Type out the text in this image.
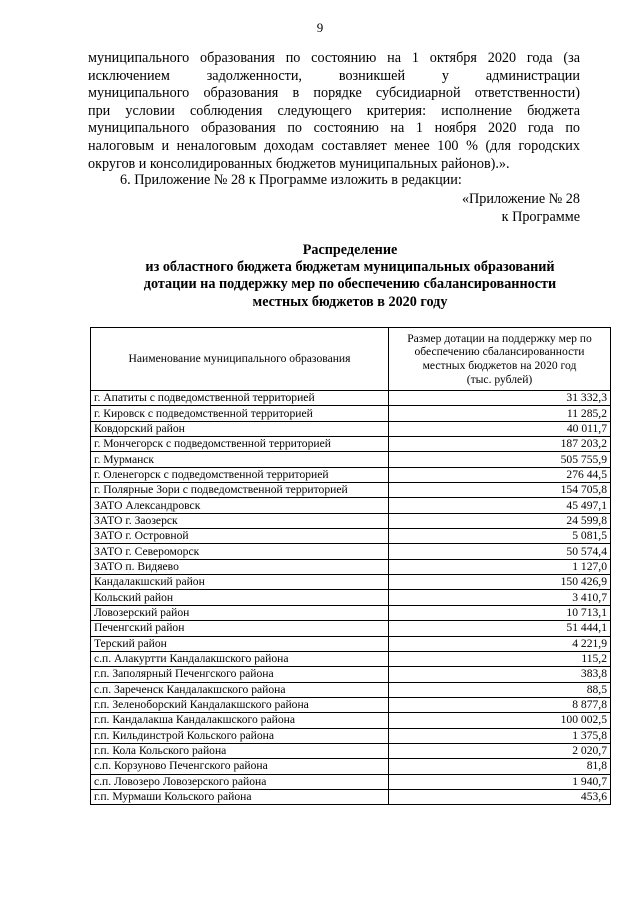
9
муниципального образования по состоянию на 1 октября 2020 года (за
исключением задолженности, возникшей у администрации
муниципального образования в порядке субсидиарной ответственности)
при условии соблюдения следующего критерия: исполнение бюджета
муниципального образования по состоянию на 1 ноября 2020 года по
налоговым и неналоговым доходам составляет менее 100 % (для городских
округов и консолидированных бюджетов муниципальных районов).».
6. Приложение № 28 к Программе изложить в редакции:
«Приложение № 28
к Программе
Распределение
из областного бюджета бюджетам муниципальных образований
дотации на поддержку мер по обеспечению сбалансированности
местных бюджетов в 2020 году
Наименование муниципального образования	Размер дотации на поддержку мер по
обеспечению сбалансированности
местных бюджетов на 2020 год
(тыс. рублей)

г. Апатиты с подведомственной территорией	31 332,3
г. Кировск с подведомственной территорией	11 285,2
Ковдорский район	40 011,7
г. Мончегорск с подведомственной территорией	187 203,2
г. Мурманск	505 755,9
г. Оленегорск с подведомственной территорией	276 44,5
г. Полярные Зори с подведомственной территорией	154 705,8
ЗАТО Александровск	45 497,1
ЗАТО г. Заозерск	24 599,8
ЗАТО г. Островной	5 081,5
ЗАТО г. Североморск	50 574,4
ЗАТО п. Видяево	1 127,0
Кандалакшский район	150 426,9
Кольский район	3 410,7
Ловозерский район	10 713,1
Печенгский район	51 444,1
Терский район	4 221,9
с.п. Алакуртти Кандалакшского района	115,2
г.п. Заполярный Печенгского района	383,8
с.п. Зареченск Кандалакшского района	88,5
г.п. Зеленоборский Кандалакшского района	8 877,8
г.п. Кандалакша Кандалакшского района	100 002,5
г.п. Кильдинстрой Кольского района	1 375,8
г.п. Кола Кольского района	2 020,7
с.п. Корзуново Печенгского района	81,8
с.п. Ловозеро Ловозерского района	1 940,7
г.п. Мурмаши Кольского района	453,6
